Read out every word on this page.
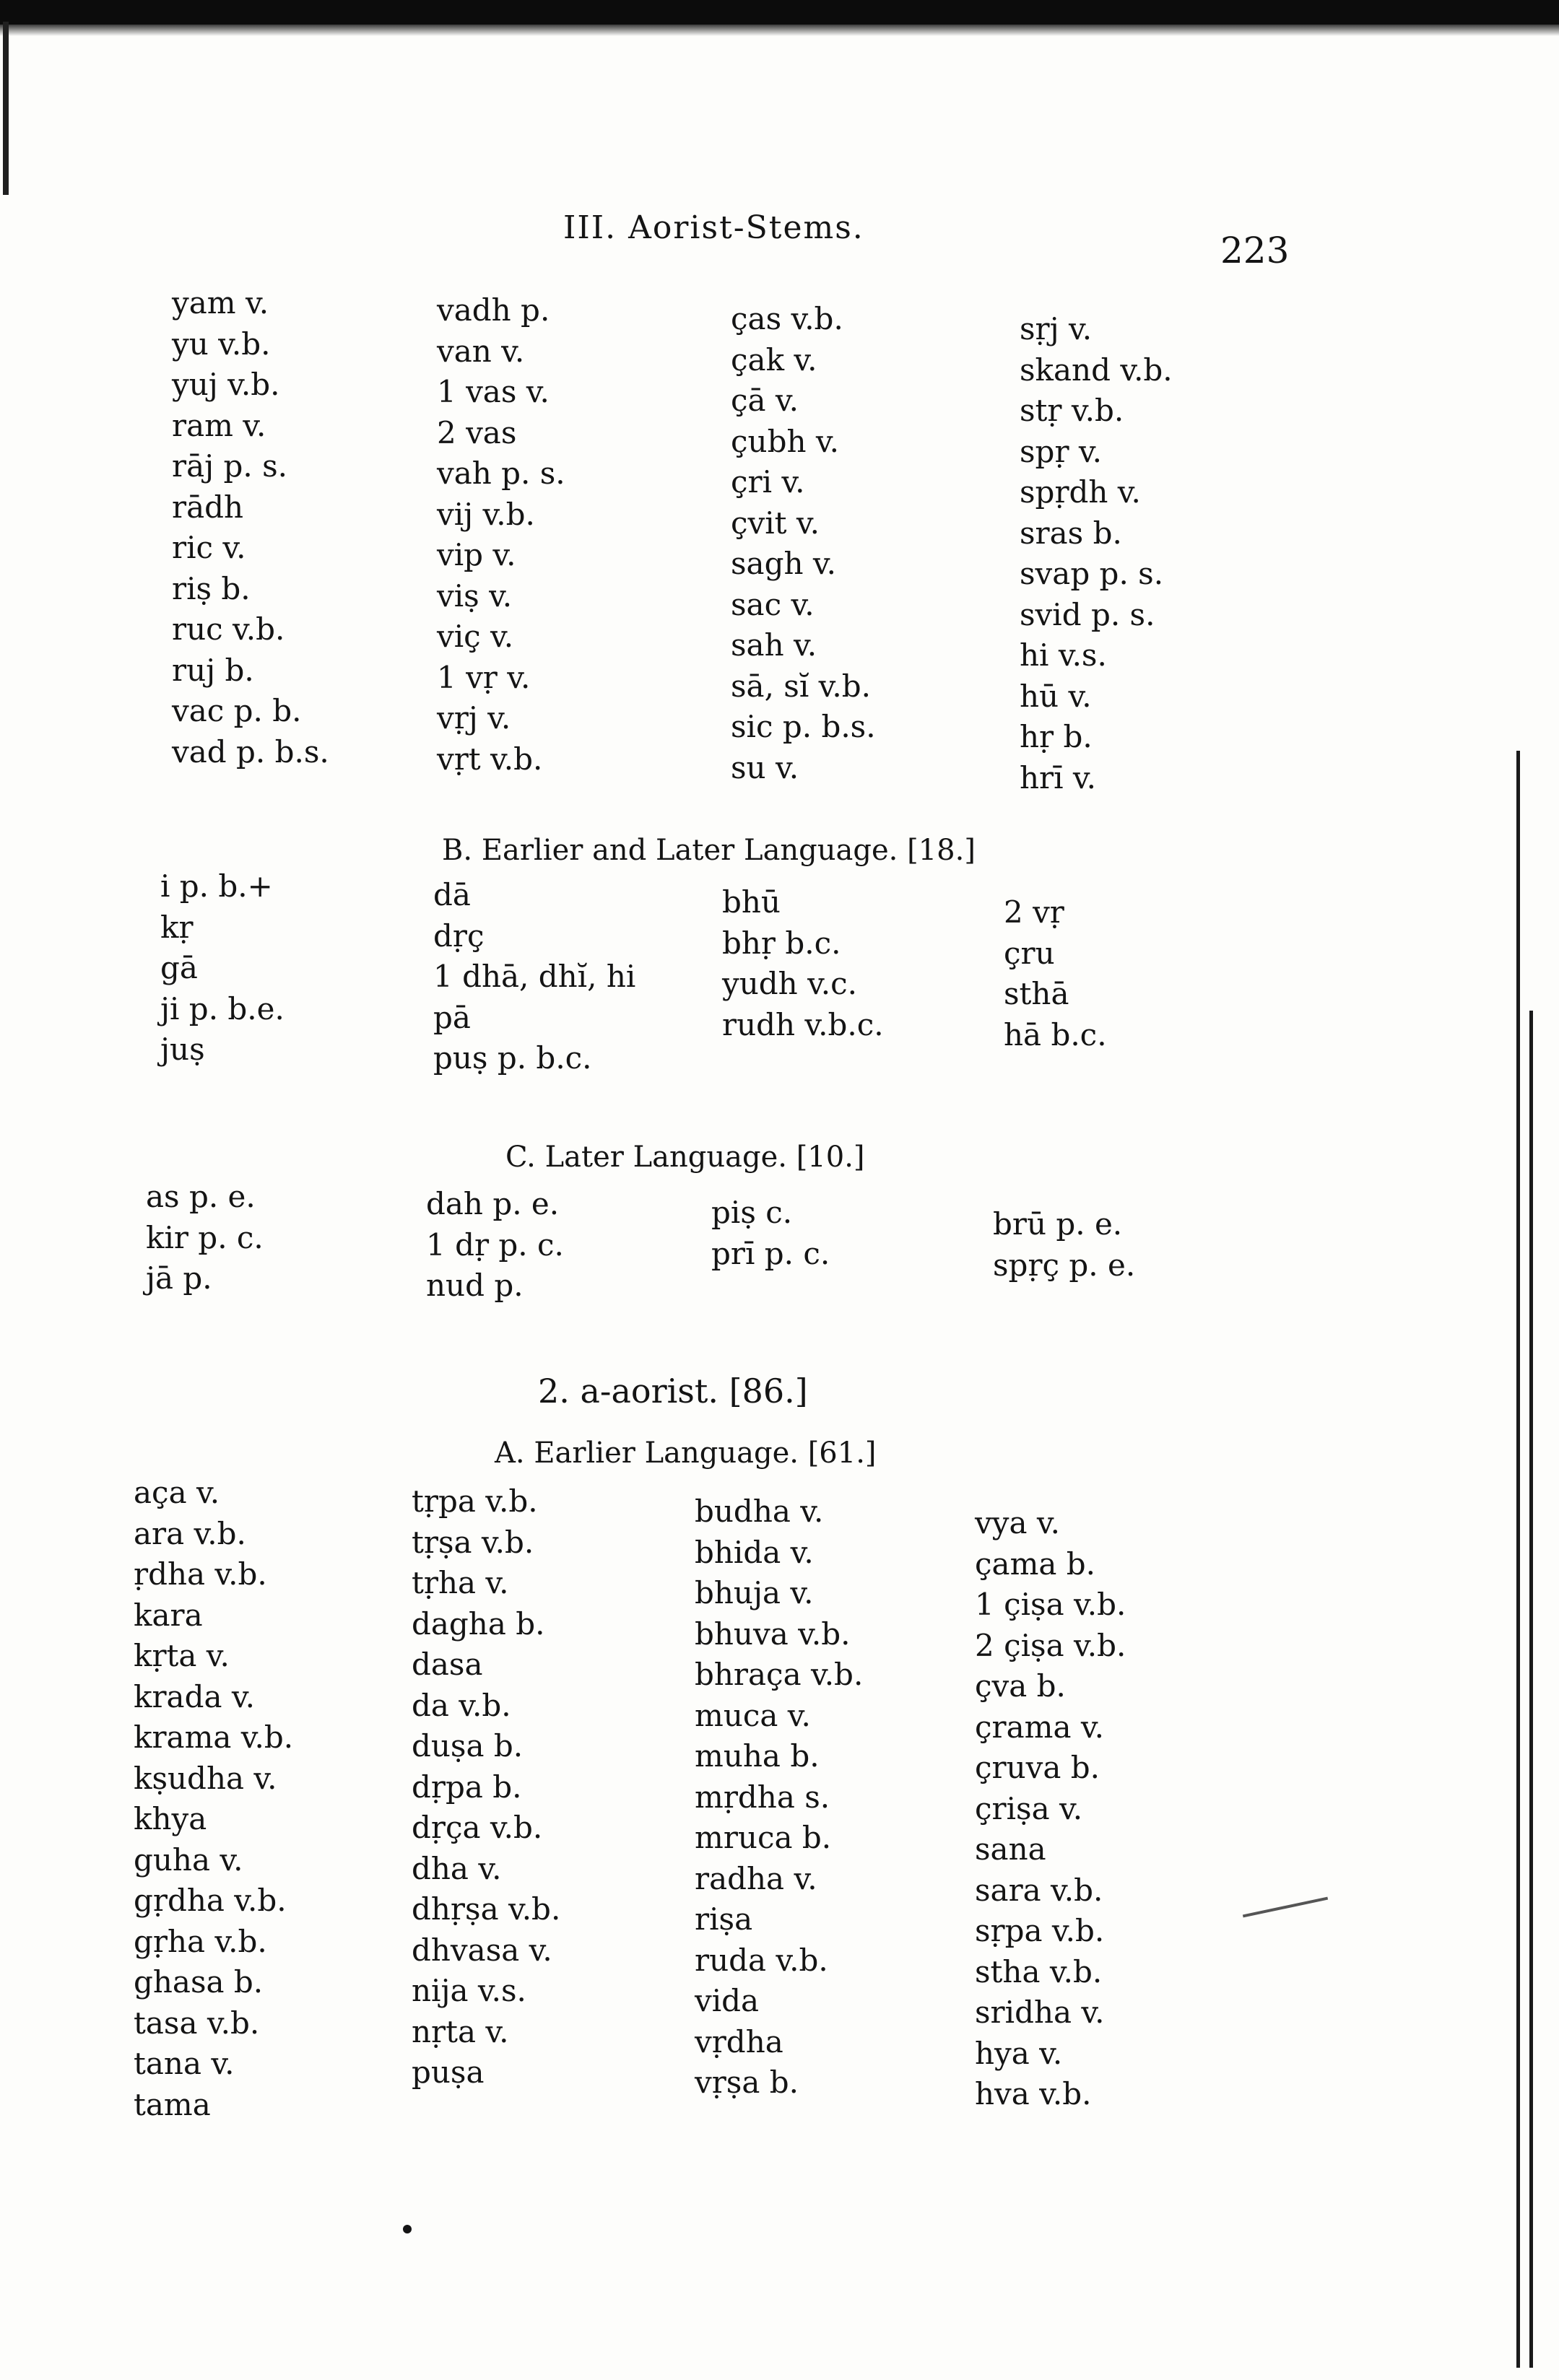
III. Aorist-Stems.
223
yam v.
yu v.b.
yuj v.b.
ram v.
rāj p. s.
rādh
ric v.
riṣ b.
ruc v.b.
ruj b.
vac p. b.
vad p. b.s.
vadh p.
van v.
1 vas v.
2 vas
vah p. s.
vij v.b.
vip v.
viṣ v.
viç v.
1 vṛ v.
vṛj v.
vṛt v.b.
ças v.b.
çak v.
çā v.
çubh v.
çri v.
çvit v.
sagh v.
sac v.
sah v.
sā, sĭ v.b.
sic p. b.s.
su v.
sṛj v.
skand v.b.
stṛ v.b.
spṛ v.
spṛdh v.
sras b.
svap p. s.
svid p. s.
hi v.s.
hū v.
hṛ b.
hrī v.
B. Earlier and Later Language. [18.]
i p. b.+
kṛ
gā
ji p. b.e.
juṣ
dā
dṛç
1 dhā, dhĭ, hi
pā
puṣ p. b.c.
bhū
bhṛ b.c.
yudh v.c.
rudh v.b.c.
2 vṛ
çru
sthā
hā b.c.
C. Later Language. [10.]
as p. e.
kir p. c.
jā p.
dah p. e.
1 dṛ p. c.
nud p.
piṣ c.
prī p. c.
brū p. e.
spṛç p. e.
2. a-aorist. [86.]
A. Earlier Language. [61.]
aça v.
ara v.b.
ṛdha v.b.
kara
kṛta v.
krada v.
krama v.b.
kṣudha v.
khya
guha v.
gṛdha v.b.
gṛha v.b.
ghasa b.
tasa v.b.
tana v.
tama
tṛpa v.b.
tṛṣa v.b.
tṛha v.
dagha b.
dasa
da v.b.
duṣa b.
dṛpa b.
dṛça v.b.
dha v.
dhṛṣa v.b.
dhvasa v.
nija v.s.
nṛta v.
puṣa
budha v.
bhida v.
bhuja v.
bhuva v.b.
bhraça v.b.
muca v.
muha b.
mṛdha s.
mruca b.
radha v.
riṣa
ruda v.b.
vida
vṛdha
vṛṣa b.
vya v.
çama b.
1 çiṣa v.b.
2 çiṣa v.b.
çva b.
çrama v.
çruva b.
çriṣa v.
sana
sara v.b.
sṛpa v.b.
stha v.b.
sridha v.
hya v.
hva v.b.
